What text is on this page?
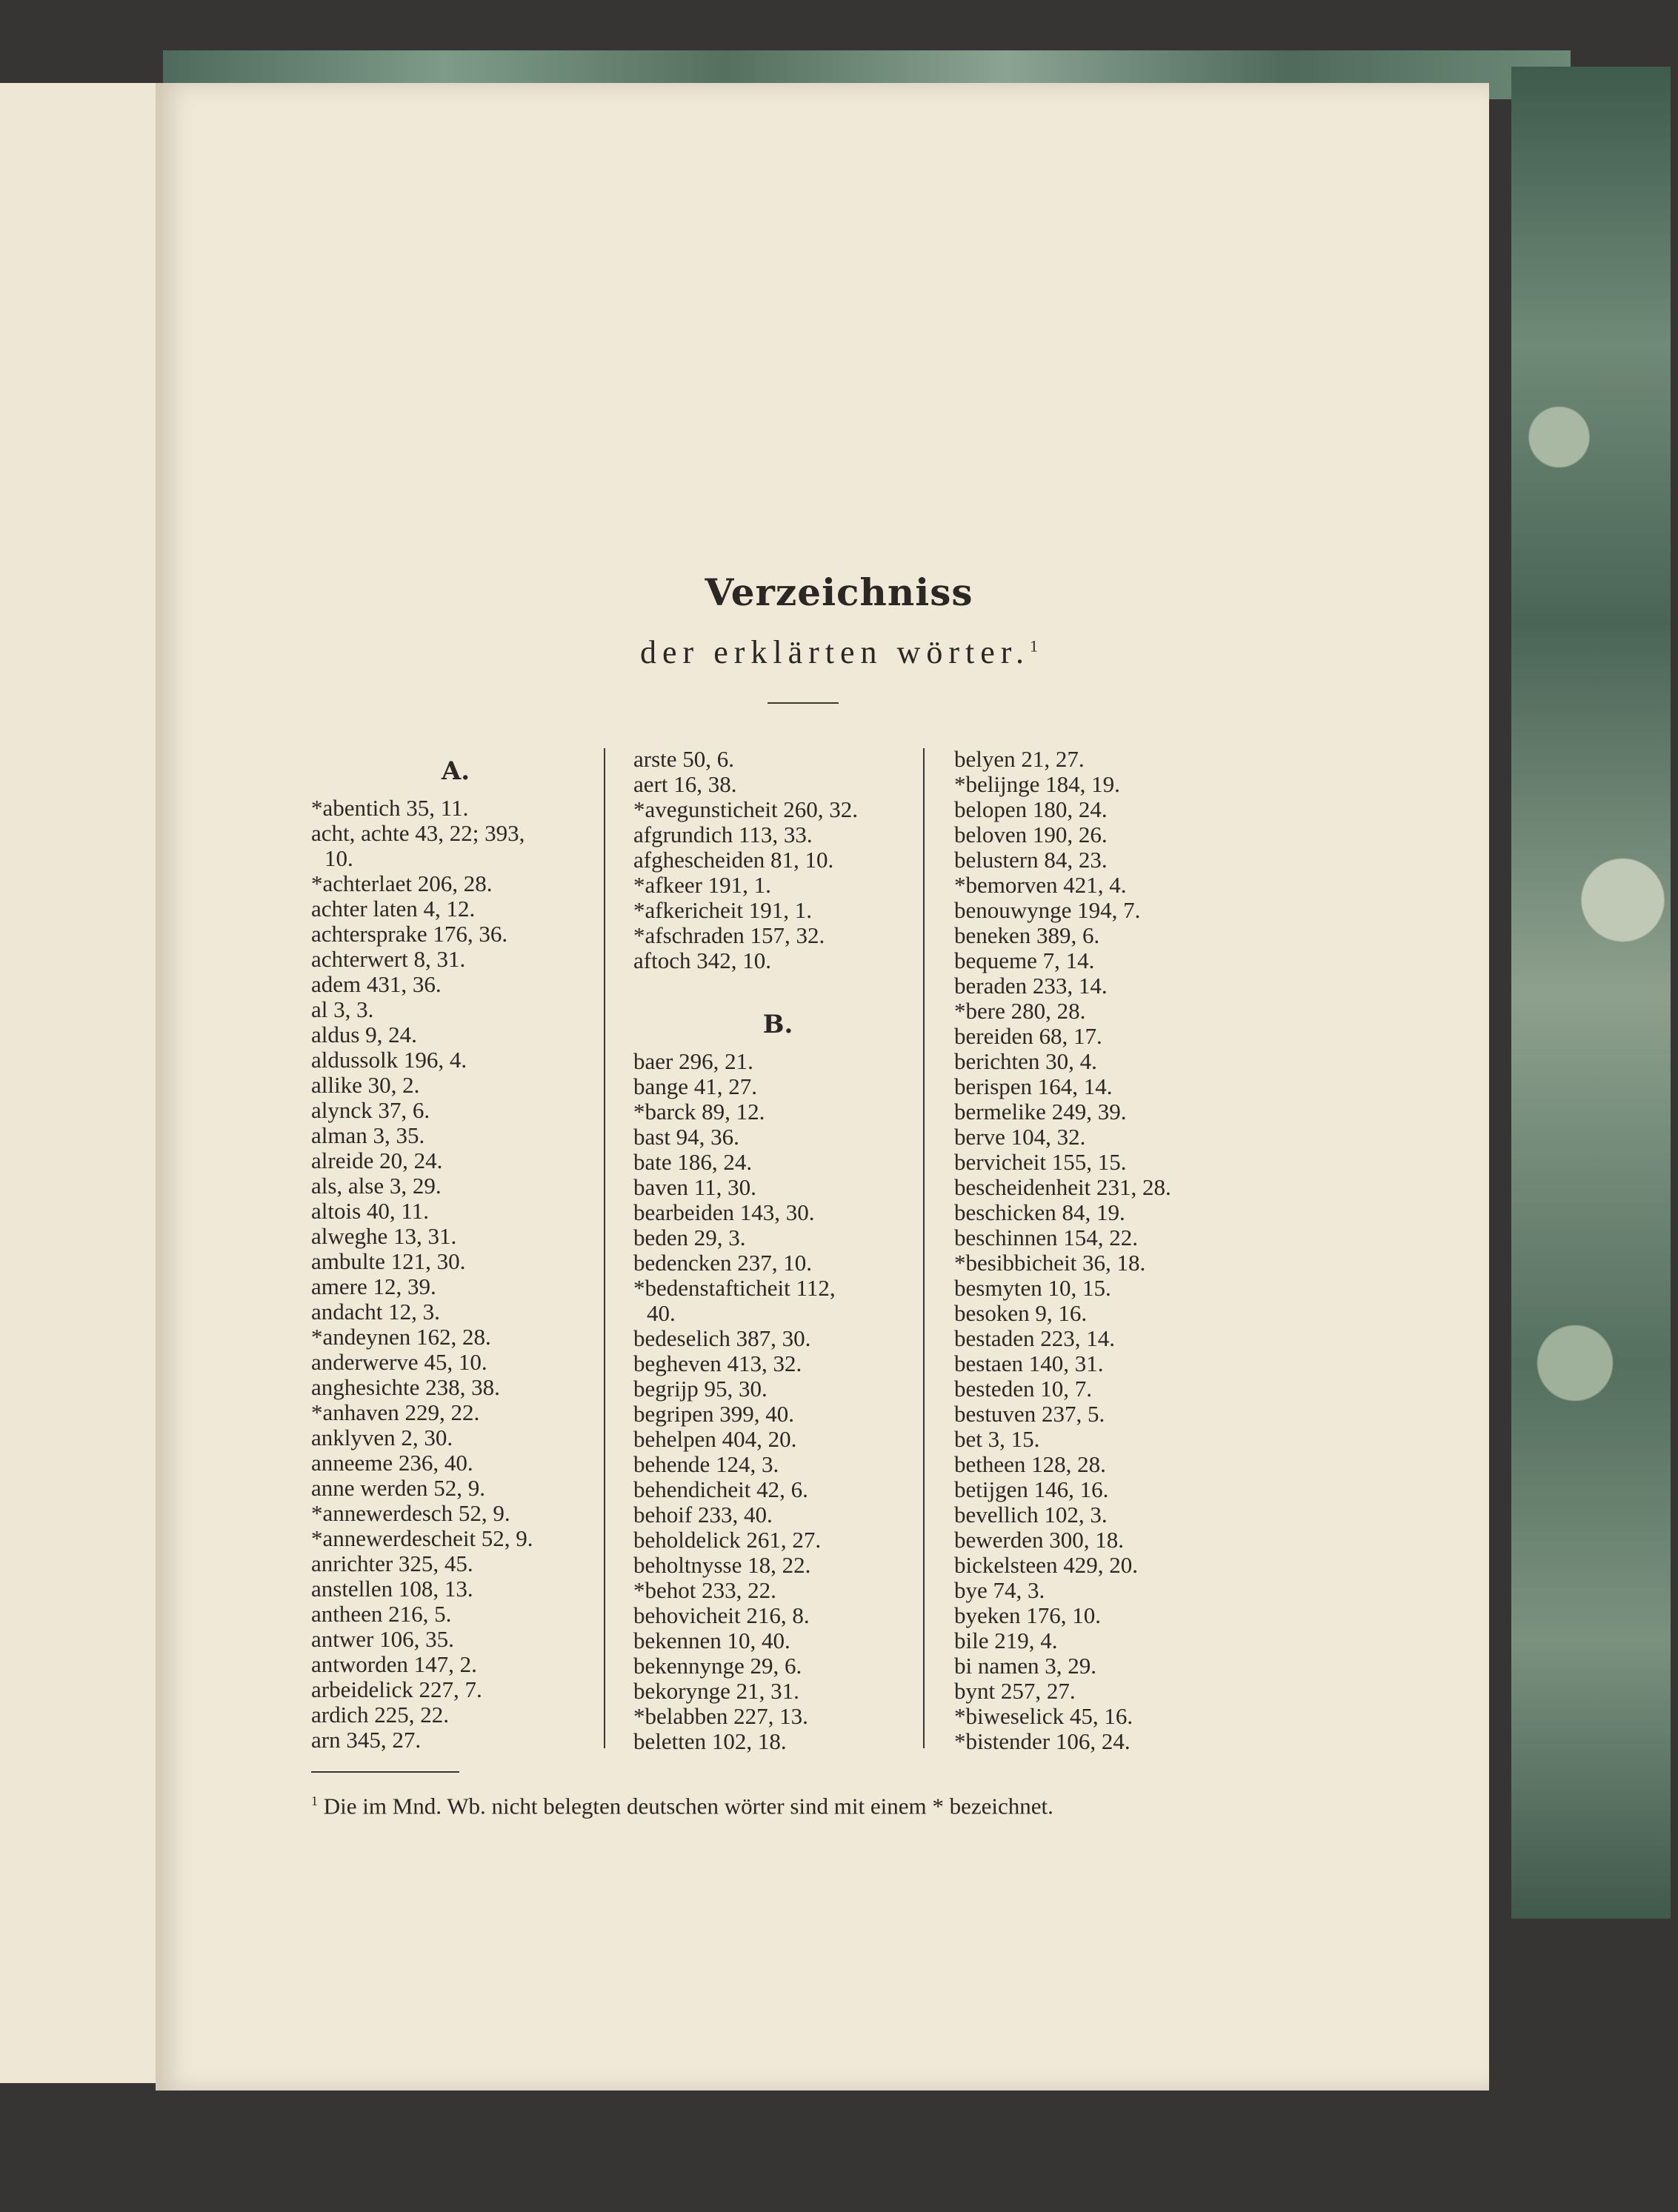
Verzeichniss
der erklärten wörter.$^1$
A.
*abentich 35, 11.
acht, achte 43, 22; 393,
10.
*achterlaet 206, 28.
achter laten 4, 12.
achtersprake 176, 36.
achterwert 8, 31.
adem 431, 36.
al 3, 3.
aldus 9, 24.
aldussolk 196, 4.
allike 30, 2.
alynck 37, 6.
alman 3, 35.
alreide 20, 24.
als, alse 3, 29.
altois 40, 11.
alweghe 13, 31.
ambulte 121, 30.
amere 12, 39.
andacht 12, 3.
*andeynen 162, 28.
anderwerve 45, 10.
anghesichte 238, 38.
*anhaven 229, 22.
anklyven 2, 30.
anneeme 236, 40.
anne werden 52, 9.
*annewerdesch 52, 9.
*annewerdescheit 52, 9.
anrichter 325, 45.
anstellen 108, 13.
antheen 216, 5.
antwer 106, 35.
antworden 147, 2.
arbeidelick 227, 7.
ardich 225, 22.
arn 345, 27.
arste 50, 6.
aert 16, 38.
*avegunsticheit 260, 32.
afgrundich 113, 33.
afghescheiden 81, 10.
*afkeer 191, 1.
*afkericheit 191, 1.
*afschraden 157, 32.
aftoch 342, 10.
B.
baer 296, 21.
bange 41, 27.
*barck 89, 12.
bast 94, 36.
bate 186, 24.
baven 11, 30.
bearbeiden 143, 30.
beden 29, 3.
bedencken 237, 10.
*bedenstafticheit 112,
40.
bedeselich 387, 30.
begheven 413, 32.
begrijp 95, 30.
begripen 399, 40.
behelpen 404, 20.
behende 124, 3.
behendicheit 42, 6.
behoif 233, 40.
beholdelick 261, 27.
beholtnysse 18, 22.
*behot 233, 22.
behovicheit 216, 8.
bekennen 10, 40.
bekennynge 29, 6.
bekorynge 21, 31.
*belabben 227, 13.
beletten 102, 18.
belyen 21, 27.
*belijnge 184, 19.
belopen 180, 24.
beloven 190, 26.
belustern 84, 23.
*bemorven 421, 4.
benouwynge 194, 7.
beneken 389, 6.
bequeme 7, 14.
beraden 233, 14.
*bere 280, 28.
bereiden 68, 17.
berichten 30, 4.
berispen 164, 14.
bermelike 249, 39.
berve 104, 32.
bervicheit 155, 15.
bescheidenheit 231, 28.
beschicken 84, 19.
beschinnen 154, 22.
*besibbicheit 36, 18.
besmyten 10, 15.
besoken 9, 16.
bestaden 223, 14.
bestaen 140, 31.
besteden 10, 7.
bestuven 237, 5.
bet 3, 15.
betheen 128, 28.
betijgen 146, 16.
bevellich 102, 3.
bewerden 300, 18.
bickelsteen 429, 20.
bye 74, 3.
byeken 176, 10.
bile 219, 4.
bi namen 3, 29.
bynt 257, 27.
*biweselick 45, 16.
*bistender 106, 24.
$^1$ Die im Mnd. Wb. nicht belegten deutschen wörter sind mit einem * bezeichnet.
